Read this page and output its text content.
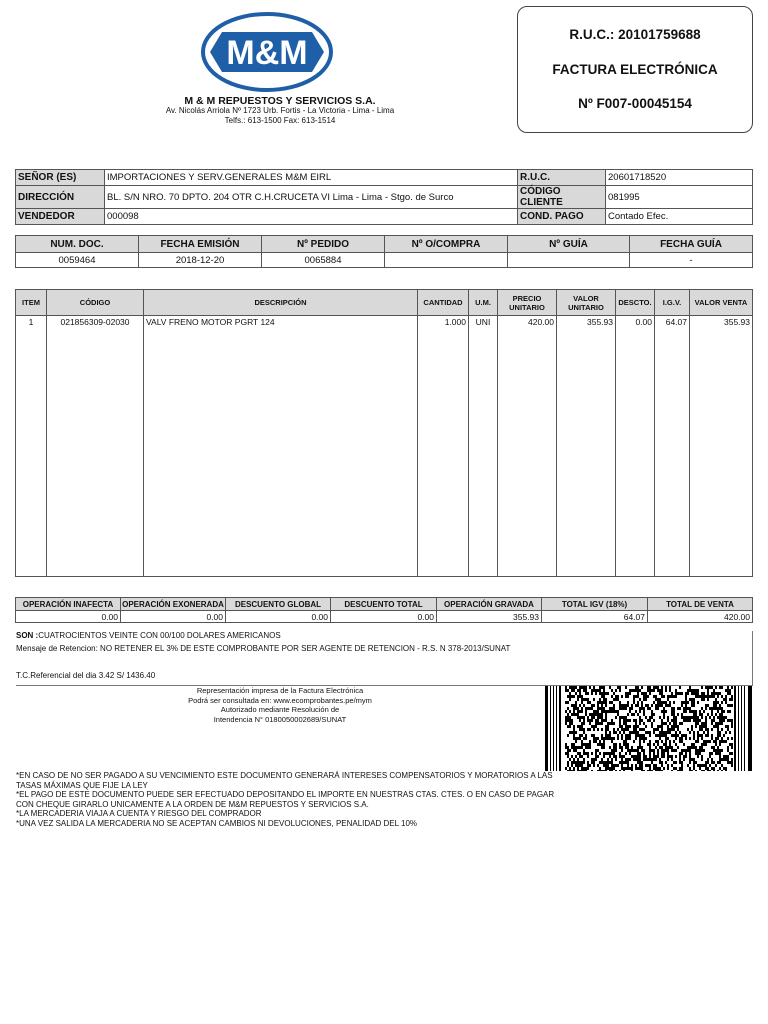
M&M
M & M REPUESTOS Y SERVICIOS S.A.
Av. Nicolás Arriola Nº 1723 Urb. Fortis - La Victoria - Lima - Lima
Telfs.: 613-1500 Fax: 613-1514
R.U.C.: 20101759688
FACTURA ELECTRÓNICA
Nº F007-00045154
SEÑOR (ES)	IMPORTACIONES Y SERV.GENERALES M&M EIRL	R.U.C.	20601718520
DIRECCIÓN	BL. S/N NRO. 70 DPTO. 204 OTR C.H.CRUCETA VI Lima - Lima - Stgo. de Surco	CÓDIGO CLIENTE	081995
VENDEDOR	000098	COND. PAGO	Contado Efec.
NUM. DOC.	FECHA EMISIÓN	Nº PEDIDO	Nº O/COMPRA	Nº GUÍA	FECHA GUÍA
0059464	2018-12-20	0065884			-
ITEM	CÓDIGO	DESCRIPCIÓN	CANTIDAD	U.M.	PRECIO UNITARIO	VALOR UNITARIO	DESCTO.	I.G.V.	VALOR VENTA
1	021856309-02030	VALV FRENO MOTOR PGRT 124	1.000	UNI	420.00	355.93	0.00	64.07	355.93
OPERACIÓN INAFECTA	OPERACIÓN EXONERADA	DESCUENTO GLOBAL	DESCUENTO TOTAL	OPERACIÓN GRAVADA	TOTAL IGV (18%)	TOTAL DE VENTA
0.00	0.00	0.00	0.00	355.93	64.07	420.00
SON :CUATROCIENTOS VEINTE CON 00/100 DOLARES AMERICANOS
Mensaje de Retencion: NO RETENER EL 3% DE ESTE COMPROBANTE POR SER AGENTE DE RETENCION - R.S. N 378-2013/SUNAT
T.C.Referencial del dia 3.42 S/ 1436.40
Representación impresa de la Factura Electrónica
Podrá ser consultada en: www.ecomprobantes.pe/mym
Autorizado mediante Resolución de
Intendencia N° 0180050002689/SUNAT
*EN CASO DE NO SER PAGADO A SU VENCIMIENTO ESTE DOCUMENTO GENERARÁ INTERESES COMPENSATORIOS Y MORATORIOS A LAS TASAS MÁXIMAS QUE FIJE LA LEY
*EL PAGO DE ESTE DOCUMENTO PUEDE SER EFECTUADO DEPOSITANDO EL IMPORTE EN NUESTRAS CTAS. CTES. O EN CASO DE PAGAR CON CHEQUE GIRARLO UNICAMENTE A LA ORDEN DE M&M REPUESTOS Y SERVICIOS S.A.
*LA MERCADERIA VIAJA A CUENTA Y RIESGO DEL COMPRADOR
*UNA VEZ SALIDA LA MERCADERIA NO SE ACEPTAN CAMBIOS NI DEVOLUCIONES, PENALIDAD DEL 10%
